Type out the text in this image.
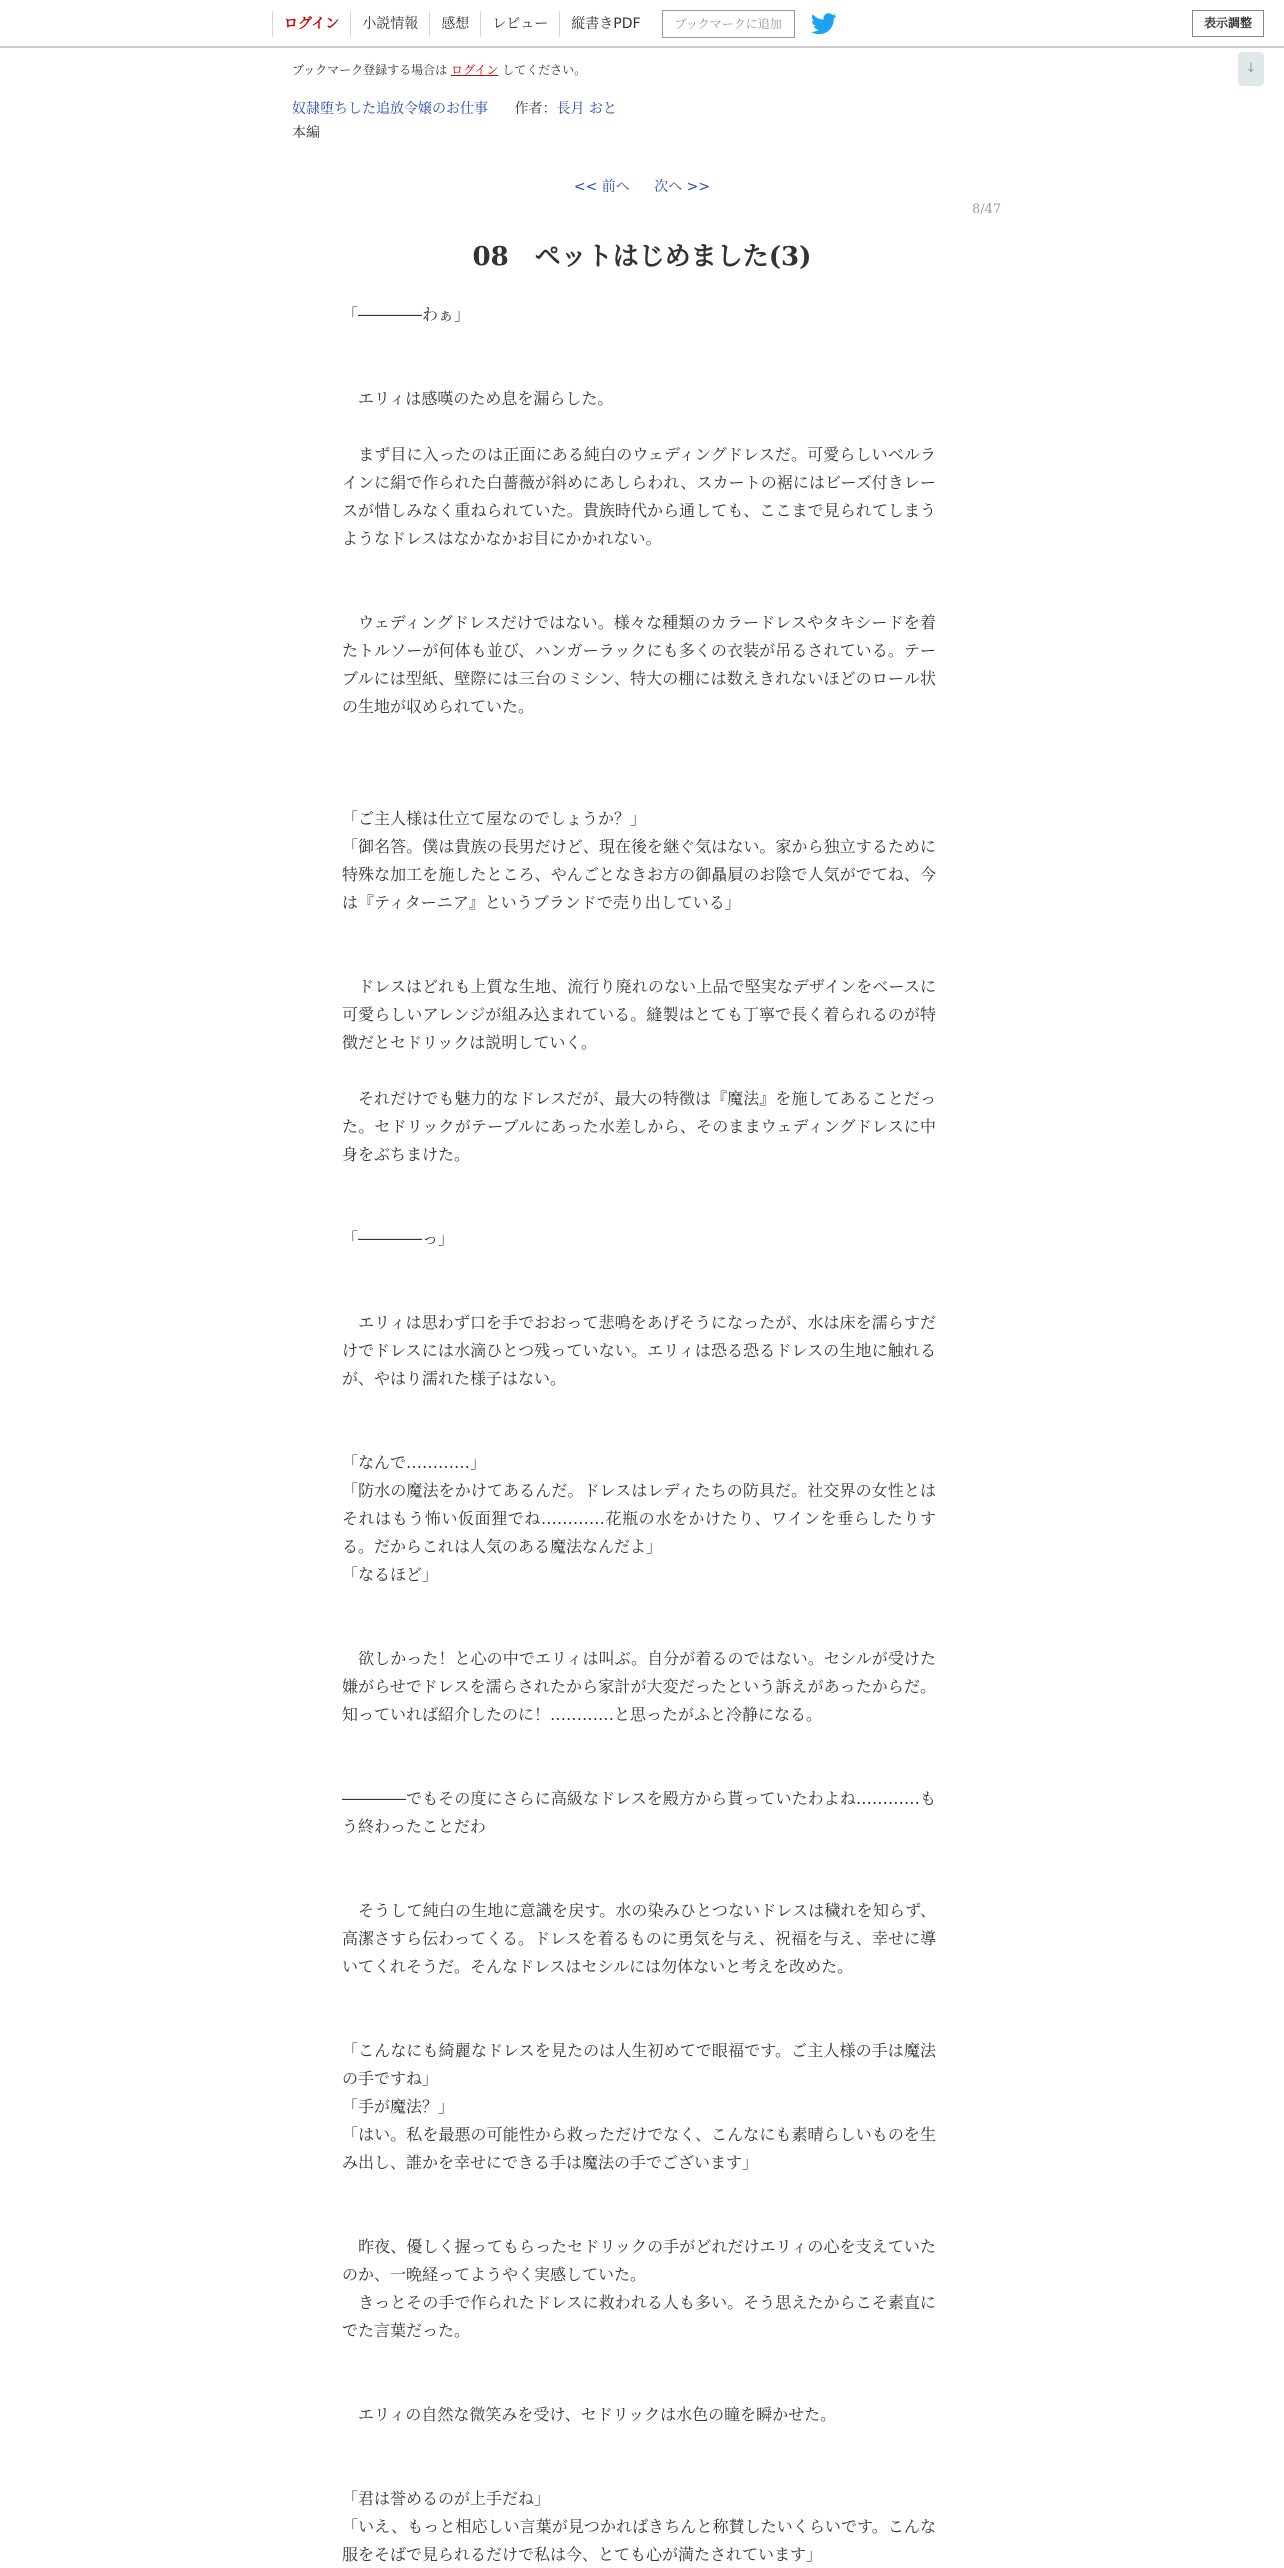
ログイン	小説情報	感想	レビュー	縦書きPDF	ブックマークに追加	表示調整
↓
ブックマーク登録する場合は ログイン してください。
奴隷堕ちした追放令嬢のお仕事 作者：長月 おと
本編
<< 前へ 次へ >>
8/47
08　ペットはじめました(3)

「――――わぁ」

　エリィは感嘆のため息を漏らした。

　まず目に入ったのは正面にある純白のウェディングドレスだ。可愛らしいベルラインに絹で作られた白薔薇が斜めにあしらわれ、スカートの裾にはビーズ付きレースが惜しみなく重ねられていた。貴族時代から通しても、ここまで見られてしまうようなドレスはなかなかお目にかかれない。

　ウェディングドレスだけではない。様々な種類のカラードレスやタキシードを着たトルソーが何体も並び、ハンガーラックにも多くの衣装が吊るされている。テーブルには型紙、壁際には三台のミシン、特大の棚には数えきれないほどのロール状の生地が収められていた。

「ご主人様は仕立て屋なのでしょうか？」

「御名答。僕は貴族の長男だけど、現在後を継ぐ気はない。家から独立するために特殊な加工を施したところ、やんごとなきお方の御贔屓のお陰で人気がでてね、今は『ティターニア』というブランドで売り出している」

　ドレスはどれも上質な生地、流行り廃れのない上品で堅実なデザインをベースに可愛らしいアレンジが組み込まれている。縫製はとても丁寧で長く着られるのが特徴だとセドリックは説明していく。

　それだけでも魅力的なドレスだが、最大の特徴は『魔法』を施してあることだった。セドリックがテーブルにあった水差しから、そのままウェディングドレスに中身をぶちまけた。

「――――っ」

　エリィは思わず口を手でおおって悲鳴をあげそうになったが、水は床を濡らすだけでドレスには水滴ひとつ残っていない。エリィは恐る恐るドレスの生地に触れるが、やはり濡れた様子はない。

「なんで…………」

「防水の魔法をかけてあるんだ。ドレスはレディたちの防具だ。社交界の女性とはそれはもう怖い仮面狸でね…………花瓶の水をかけたり、ワインを垂らしたりする。だからこれは人気のある魔法なんだよ」

「なるほど」

　欲しかった！と心の中でエリィは叫ぶ。自分が着るのではない。セシルが受けた嫌がらせでドレスを濡らされたから家計が大変だったという訴えがあったからだ。知っていれば紹介したのに！…………と思ったがふと冷静になる。

――――でもその度にさらに高級なドレスを殿方から貰っていたわよね…………もう終わったことだわ

　そうして純白の生地に意識を戻す。水の染みひとつないドレスは穢れを知らず、高潔さすら伝わってくる。ドレスを着るものに勇気を与え、祝福を与え、幸せに導いてくれそうだ。そんなドレスはセシルには勿体ないと考えを改めた。

「こんなにも綺麗なドレスを見たのは人生初めてで眼福です。ご主人様の手は魔法の手ですね」

「手が魔法？」

「はい。私を最悪の可能性から救っただけでなく、こんなにも素晴らしいものを生み出し、誰かを幸せにできる手は魔法の手でございます」

　昨夜、優しく握ってもらったセドリックの手がどれだけエリィの心を支えていたのか、一晩経ってようやく実感していた。

　きっとその手で作られたドレスに救われる人も多い。そう思えたからこそ素直にでた言葉だった。

　エリィの自然な微笑みを受け、セドリックは水色の瞳を瞬かせた。

「君は誉めるのが上手だね」

「いえ、もっと相応しい言葉が見つかればきちんと称賛したいくらいです。こんな服をそばで見られるだけで私は今、とても心が満たされています」
